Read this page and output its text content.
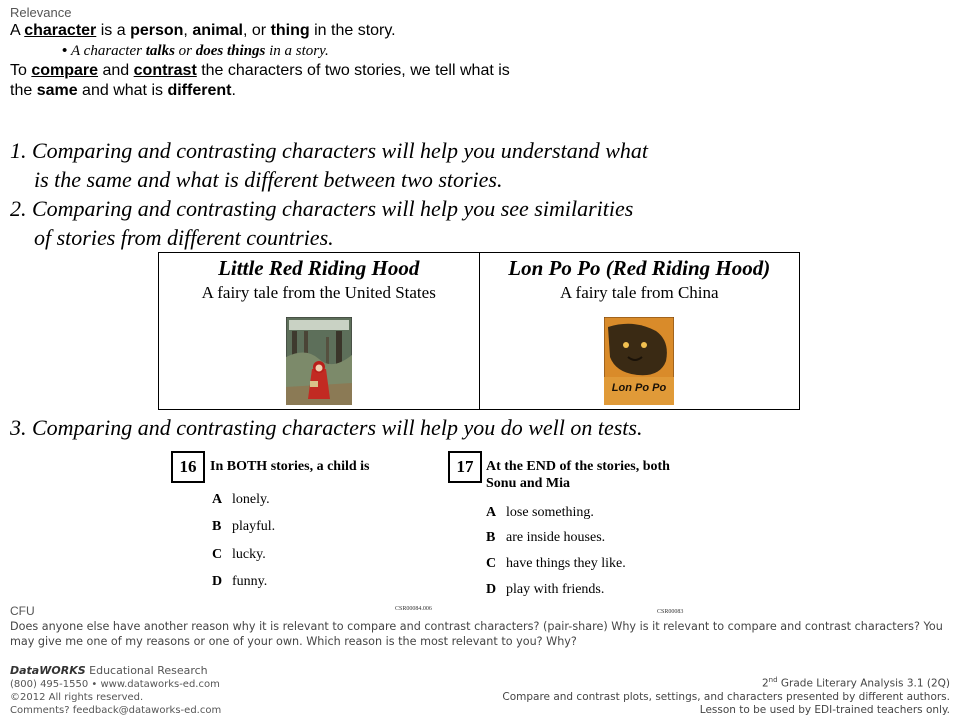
Relevance
A character is a person, animal, or thing in the story.
• A character talks or does things in a story.
To compare and contrast the characters of two stories, we tell what is
the same and what is different.
1. Comparing and contrasting characters will help you understand what
is the same and what is different between two stories.
2. Comparing and contrasting characters will help you see similarities
of stories from different countries.
Little Red Riding Hood
A fairy tale from the United States

Lon Po Po (Red Riding Hood)
A fairy tale from China
Lon Po Po
3. Comparing and contrasting characters will help you do well on tests.
16 In BOTH stories, a child is
A lonely.
B playful.
C lucky.
D funny.
CSR00084.006
17 At the END of the stories, both
Sonu and Mia
A lose something.
B are inside houses.
C have things they like.
D play with friends.
CSR00083
CFU
Does anyone else have another reason why it is relevant to compare and contrast characters? (pair-share) Why is it relevant to compare and contrast characters? You may give me one of my reasons or one of your own. Which reason is the most relevant to you? Why?
DataWORKS Educational Research
(800) 495-1550 • www.dataworks-ed.com
©2012 All rights reserved.
Comments? feedback@dataworks-ed.com
2nd Grade Literary Analysis 3.1 (2Q)
Compare and contrast plots, settings, and characters presented by different authors.
Lesson to be used by EDI-trained teachers only.
